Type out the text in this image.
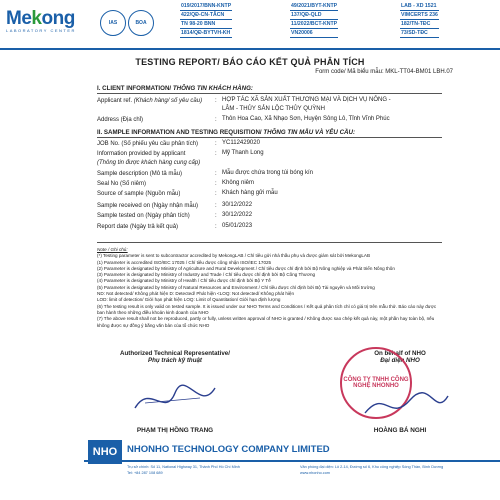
Mekong
LABORATORY CENTER
IAS	BOA
019/2017/BNN-KNTP
422/QĐ-CN-TĂCN
TN 98-20 BNN
1814/QĐ-BYTVH-KH
49/2021/BYT-KNTP
137/QĐ-QLD
11/2022/BCT-KNTP
VN20006
LAB - XD 1521
VIMCERTS 236
182/TN-TĐC
73/SD-TĐC
TESTING REPORT/ BÁO CÁO KẾT QUẢ PHÂN TÍCH
Form code/ Mã biểu mẫu: MKL-TT04-BM01 LBH.07
I. CLIENT INFORMATION/ THÔNG TIN KHÁCH HÀNG:
Applicant ref. (Khách hàng/ số yêu cầu) : HỢP TÁC XÃ SẢN XUẤT THƯƠNG MẠI VÀ DỊCH VỤ NÔNG -
LÂM - THỦY SẢN LỘC THỦY QUỲNH
Address (Địa chỉ)	: Thôn Hoa Cao, Xã Nhạo Sơn, Huyện Sông Lô, Tỉnh Vĩnh Phúc
II. SAMPLE INFORMATION AND TESTING REQUISITION/ THÔNG TIN MẪU VÀ YÊU CẦU:
JOB No. (Số phiếu yêu cầu phân tích)	: YC112429020
Information provided by applicant	: Mỹ Thanh Long
(Thông tin được khách hàng cung cấp)
Sample description (Mô tả mẫu)	: Mẫu được chứa trong túi bóng kín
Seal No (Số niêm)	: Không niêm
Source of sample (Nguồn mẫu)	: Khách hàng gửi mẫu
Sample received on (Ngày nhận mẫu)	: 30/12/2022
Sample tested on (Ngày phân tích)	: 30/12/2022
Report date (Ngày trả kết quả)	: 05/01/2023
Note / Ghi chú:
(*) Testing parameter is sent to subcontractor accredited by MekongLAB / Chỉ tiêu gửi nhà thầu phụ và được giám sát bởi MekongLAB
(1) Parameter is accredited ISO/IEC 17025 / Chỉ tiêu được công nhận ISO/IEC 17025
(2) Parameter is designated by Ministry of Agriculture and Rural Development / Chỉ tiêu được chỉ định bởi Bộ Nông nghiệp và Phát triển Nông thôn
(3) Parameter is designated by Ministry of Industry and Trade / Chỉ tiêu được chỉ định bởi Bộ Công Thương
(4) Parameter is designated by Ministry of Health / Chỉ tiêu được chỉ định bởi Bộ Y Tế
(5) Parameter is designated by Ministry of Natural Resources and Environment / Chỉ tiêu được chỉ định bởi Bộ Tài nguyên và Môi trường
ND: Not detected/ Không phát hiện D: Detected/ Phát hiện <LOQ: Not detected/ Không phát hiện
LOD: limit of detection/ Giới hạn phát hiện LOQ: Limit of Quantitation/ Giới hạn định lượng
(6) The testing result is only valid on tested sample. It is issued under our NHO Terms and Conditions / Kết quả phân tích chỉ có giá trị trên mẫu thử. Báo cáo này được ban hành theo những điều khoản kinh doanh của NHO
(7) The above result shall not be reproduced, partly or fully, unless written approval of NHO is granted / Không được sao chép kết quả này, một phần hay toàn bộ, nếu không được sự đồng ý bằng văn bản của tổ chức NHO
Authorized Technical Representative/
Phụ trách kỹ thuật
PHẠM THỊ HỒNG TRANG
On behalf of NHO
Đại diện NHO
CÔNG TY TNHH CÔNG NGHỆ NHONHO
HOÀNG BÁ NGHI
NHO	NHONHO TECHNOLOGY COMPANY LIMITED
Trụ sở chính: Số 11, National Highway 31, Thành Phố Hồ Chí Minh
Tel: +84 287 108 689
Văn phòng đại diện: Lô 2-14, Đường số 6, Khu công nghiệp Sóng Thần, Bình Dương
www.nhonho.com
